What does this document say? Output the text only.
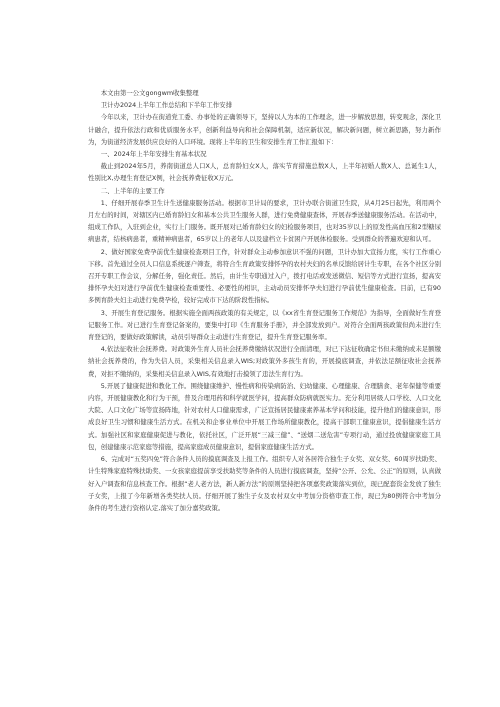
本文由第一公文gongwm收集整理

卫计办2024上半年工作总结和下半年工作安排

今年以来，卫计办在街道党工委、办事处的正确领导下，坚持以人为本的工作理念，进一步解放思想，转变观念，深化卫计融合，提升依法行政和优质服务水平，创新利益导向和社会保障机制，适应新状况，解决新问题，树立新思路，努力新作为，为街道经济发展供应良好的人口环境。现将上半年的卫生和安排生育工作汇报如下：

一、2024年上半年安排生育基本状况

截止到2024年5月，养南街道总人口X人，总育龄妇女X人，落实节育措施总数X人，上半年初婚人数X人、总诞生1人，性别比X,办理生育登记X例，社会抚养费征收X万元。

二、上半年的主要工作

1、仔细开展春季卫生计生送健康服务活动。根据市卫计局的要求，卫计办联合街道卫生院，从4月25日起先，利用两个月左右的时间，对辖区内已婚育龄妇女和基本公共卫生服务人群，进行免费健康查体，开展春季送健康服务活动。在活动中，组成工作队，入驻到企业，实行上门服务。既开展对已婚育龄妇女的妇检服务项目，也对35岁以上的原发性高血压和2型糖尿病患者，结核病患者，重精神病患者，65岁以上的老年人以及建档立卡贫困户开展体检服务。受到群众的普遍欢迎和认可。

2、做好国家免费孕前优生健康检查项目工作，针对群众主动参加意识不强的问题，卫计办加大宣扬力度，实行工作重心下移。首先通过全员人口信息系统逐户筛查，将符合生育政策安排怀孕的农村夫妇的名单反馈给居计生专职，在各个社区分别召开专职工作会议，分解任务，强化责任。然后，由计生专职通过入户，拨打电话或发送微信、短信等方式进行宣扬，提高安排怀孕夫妇对进行孕前优生健康检查重要性、必要性的相识，主动动员安排怀孕夫妇进行孕前优生健康检查。目前，已有90多例育龄夫妇主动进行免费孕检，较好完成市下达的阶段性指标。

3、开展生育登记服务。根据实施全面两孩政策的有关规定，以《xx省生育登记服务工作规范》为指导，全面做好生育登记服务工作。对已进行生育登记备案的，要集中打印《生育服务手册》，并全部发放到户。对符合全面两孩政策但尚未进行生育登记的，要做好政策解读，动员引导群众主动进行生育登记，提升生育登记服务率。

4,依法征收社会抚养费。对政策外生育人员社会抚养费缴纳状况进行全面清理，对已下达征收确定书但未缴纳或未足额缴纳社会抚养费的，作为失信人员，采集相关信息录入WIS;对政策外多孩生育的，开展摸底调查，并依法足额征收社会抚养费，对拒不缴纳的，采集相关信息录入WIS,有效地打击摸领了违法生育行为。

5,开展了健康促进和教化工作。围绕健康维护、慢性病和传染病防治、妇幼健康、心理健康、合理膳食、老年保健等重要内容，开展健康教化和行为干预，普及合理用药和科学就医学问，提高群众防病就医实力。充分利用居级人口学校、人口文化大院、人口文化广场等宣扬阵地，针对农村人口健康需求，广泛宣扬居民健康素养基本学问和技能，提升他们的健康意识，形成良好卫生习惯和健康生活方式。在机关和企事业单位中开展工作场所健康教化，提高干部职工健康意识，提倡健康生活方式。加强社区和家庭健康促进与教化，依托社区，广泛开展“三减三健”、“送烟二送危害”专项行动，通过投放健康家庭工具包，创建健康示范家庭等措施，提高家庭成员健康意识，提倡家庭健康生活方式。

6、完成对“五奖四免”符合条件人员的摸底调查及上报工作。组织专人对各居符合独生子女奖、双女奖、60周岁扶助奖、计生特殊家庭特殊扶助奖、一女孩家庭提前享受扶助奖等条件的人员进行摸底调查，坚持“公开、公允、公正”的原则，认真做好入户调查和信息核查工作。根据“老人老方法，新人新方法”的原则坚持把各项嘉奖政策落实到位，现已配套资金发放了独生子女奖，上报了今年新增各类奖扶人员。仔细开展了独生子女及农村双女中考加分资格审查工作，现已为80例符合中考加分条件的考生进行资格认定,落实了加分嘉奖政策。
